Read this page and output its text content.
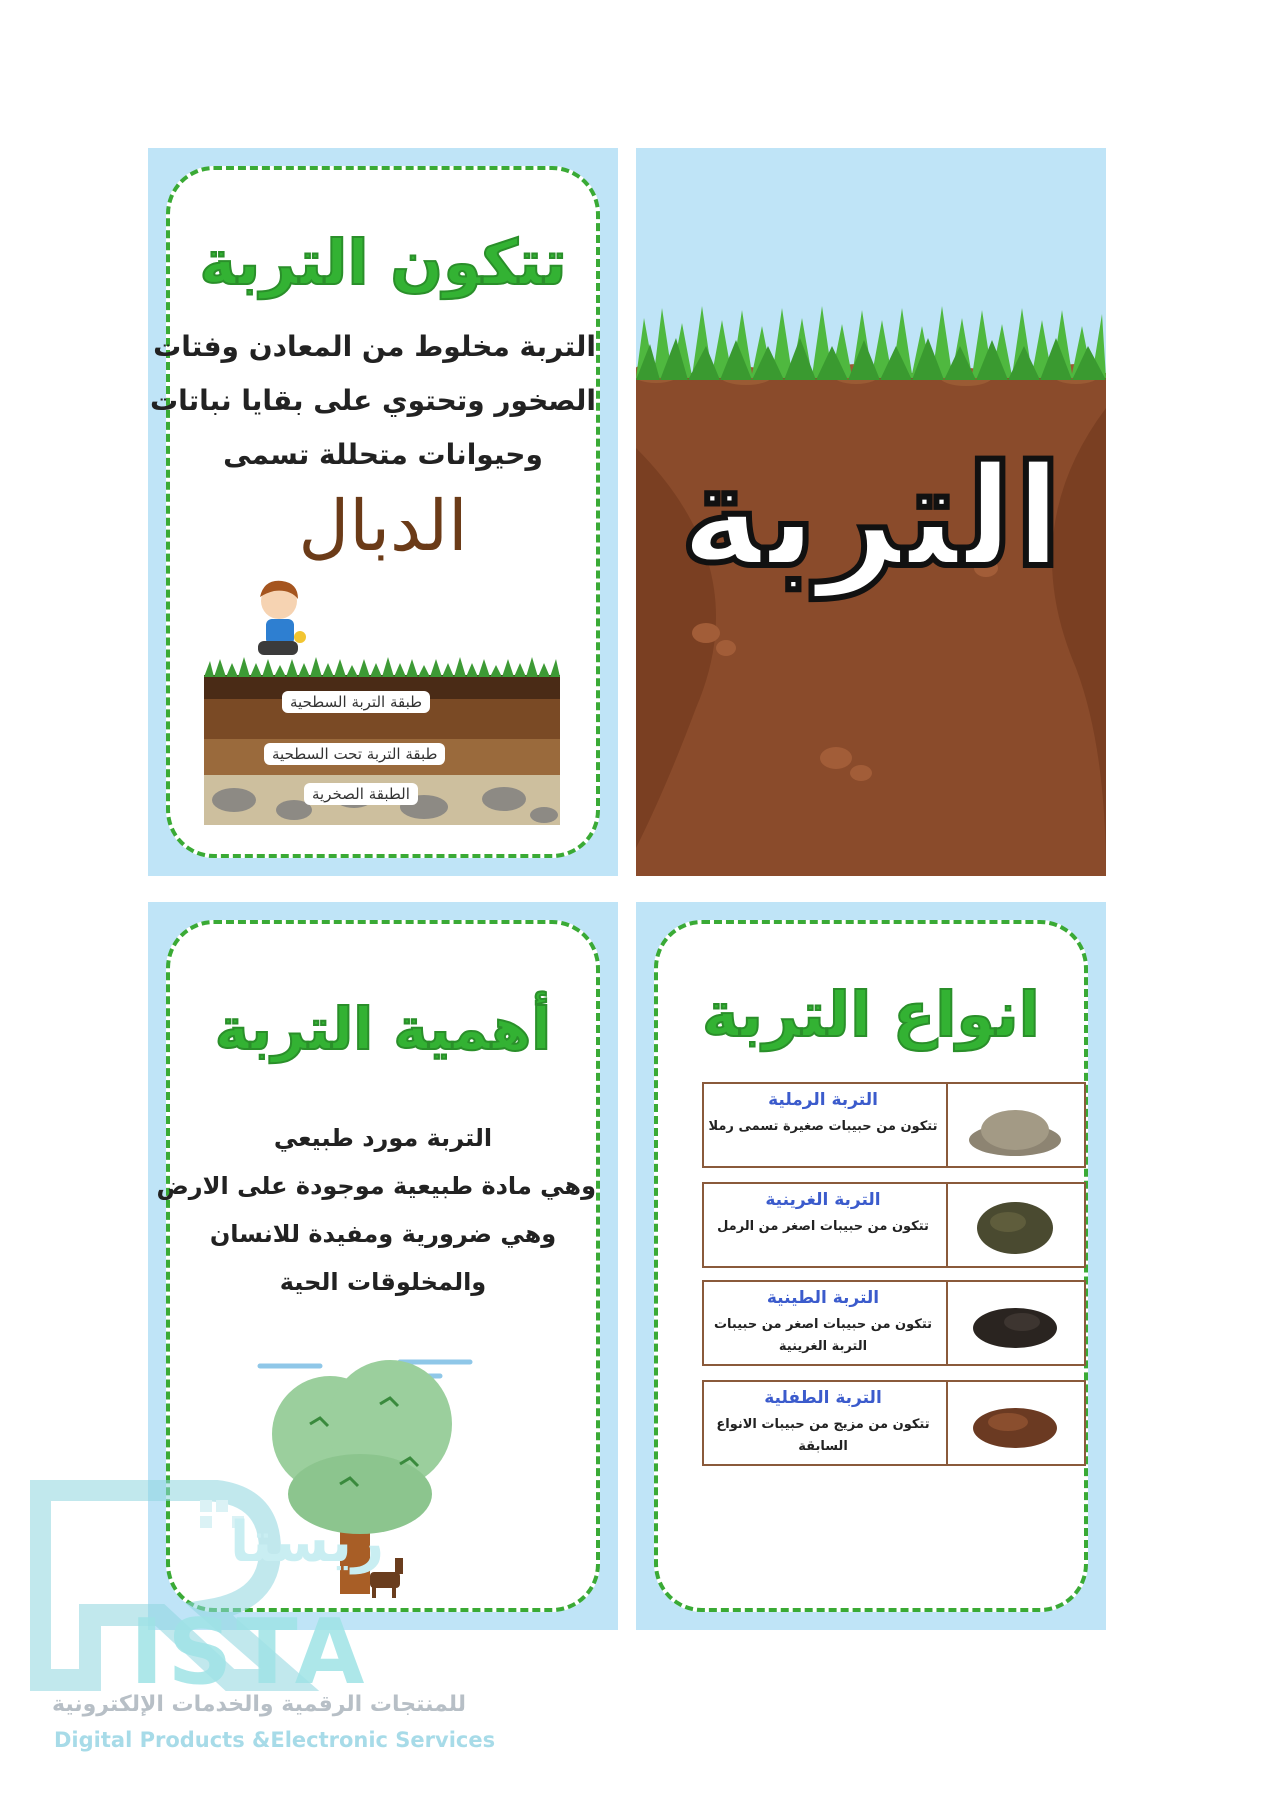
تتكون التربة
التربة مخلوط من المعادن وفتات
الصخور وتحتوي على بقايا نباتات
وحيوانات متحللة تسمى
الدبال
طبقة التربة السطحية
طبقة التربة تحت السطحية
الطبقة الصخرية
التربة
أهمية التربة
التربة مورد طبيعي
وهي مادة طبيعية موجودة على الارض
وهي ضرورية ومفيدة للانسان
والمخلوقات الحية
انواع التربة
التربة الرملية
تتكون من حبيبات صغيرة تسمى رملا
التربة الغرينية
تتكون من حبيبات اصغر من الرمل
التربة الطينية
تتكون من حبيبات اصغر من حبيبات التربة الغرينية
التربة الطفلية
تتكون من مزيج من حبيبات الانواع السابقة
ISTA
ريستا
للمنتجات الرقمية والخدمات الإلكترونية
Digital Products &Electronic Services
